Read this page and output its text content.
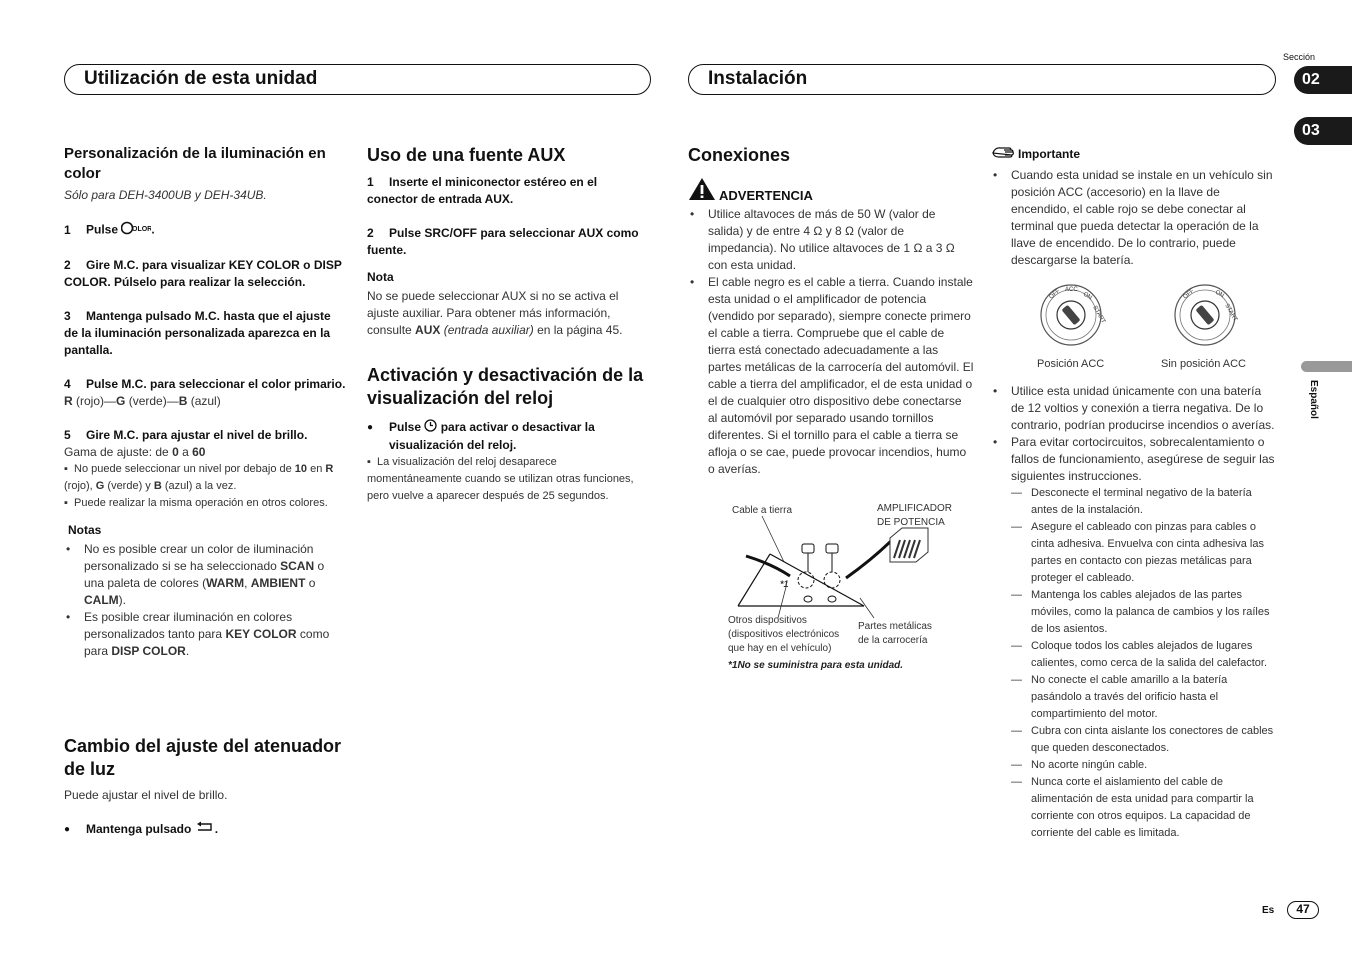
Utilización de esta unidad	Instalación
Sección
02
03
Español
Personalización de la iluminación en color
Sólo para DEH-3400UB y DEH-34UB.
1 Pulse OLOR
.
2 Gire M.C. para visualizar KEY COLOR o DISP COLOR. Púlselo para realizar la selección.
3 Mantenga pulsado M.C. hasta que el ajuste de la iluminación personalizada aparezca en la pantalla.
4 Pulse M.C. para seleccionar el color primario.
R (rojo)—G (verde)—B (azul)
5 Gire M.C. para ajustar el nivel de brillo.
Gama de ajuste: de 0 a 60
▪  No puede seleccionar un nivel por debajo de 10 en R (rojo), G (verde) y B (azul) a la vez.
▪  Puede realizar la misma operación en otros colores.
Notas
• No es posible crear un color de iluminación personalizado si se ha seleccionado SCAN o una paleta de colores (WARM, AMBIENT o CALM).
• Es posible crear iluminación en colores personalizados tanto para KEY COLOR como para DISP COLOR.
Cambio del ajuste del atenuador de luz
Puede ajustar el nivel de brillo.
● Mantenga pulsado .
Uso de una fuente AUX
1 Inserte el miniconector estéreo en el conector de entrada AUX.
2 Pulse SRC/OFF para seleccionar AUX como fuente.
Nota
No se puede seleccionar AUX si no se activa el ajuste auxiliar. Para obtener más información, consulte AUX (entrada auxiliar) en la página 45.
Activación y desactivación de la visualización del reloj
● Pulse para activar o desactivar la visualización del reloj.
▪  La visualización del reloj desaparece momentáneamente cuando se utilizan otras funciones, pero vuelve a aparecer después de 25 segundos.
Conexiones
ADVERTENCIA
• Utilice altavoces de más de 50 W (valor de salida) y de entre 4 Ω y 8 Ω (valor de impedancia). No utilice altavoces de 1 Ω a 3 Ω con esta unidad.
• El cable negro es el cable a tierra. Cuando instale esta unidad o el amplificador de potencia (vendido por separado), siempre conecte primero el cable a tierra. Compruebe que el cable de tierra está conectado adecuadamente a las partes metálicas de la carrocería del automóvil. El cable a tierra del amplificador, el de esta unidad o el de cualquier otro dispositivo debe conectarse al automóvil por separado usando tornillos diferentes. Si el tornillo para el cable a tierra se afloja o se cae, puede provocar incendios, humo o averías.
Cable a tierra	AMPLIFICADOR
DE POTENCIA
*1
Otros dispositivos
(dispositivos electrónicos
que hay en el vehículo)
Partes metálicas
de la carrocería
*1No se suministra para esta unidad.
Importante
• Cuando esta unidad se instale en un vehículo sin posición ACC (accesorio) en la llave de encendido, el cable rojo se debe conectar al terminal que pueda detectar la operación de la llave de encendido. De lo contrario, puede descargarse la batería.
OFF ACC
ON
START
OFF	ON
START
Posición ACC	Sin posición ACC
• Utilice esta unidad únicamente con una batería de 12 voltios y conexión a tierra negativa. De lo contrario, podrían producirse incendios o averías.
• Para evitar cortocircuitos, sobrecalentamiento o fallos de funcionamiento, asegúrese de seguir las siguientes instrucciones.
— Desconecte el terminal negativo de la batería antes de la instalación.
— Asegure el cableado con pinzas para cables o cinta adhesiva. Envuelva con cinta adhesiva las partes en contacto con piezas metálicas para proteger el cableado.
— Mantenga los cables alejados de las partes móviles, como la palanca de cambios y los raíles de los asientos.
— Coloque todos los cables alejados de lugares calientes, como cerca de la salida del calefactor.
— No conecte el cable amarillo a la batería pasándolo a través del orificio hasta el compartimiento del motor.
— Cubra con cinta aislante los conectores de cables que queden desconectados.
— No acorte ningún cable.
— Nunca corte el aislamiento del cable de alimentación de esta unidad para compartir la corriente con otros equipos. La capacidad de corriente del cable es limitada.
Es	47
